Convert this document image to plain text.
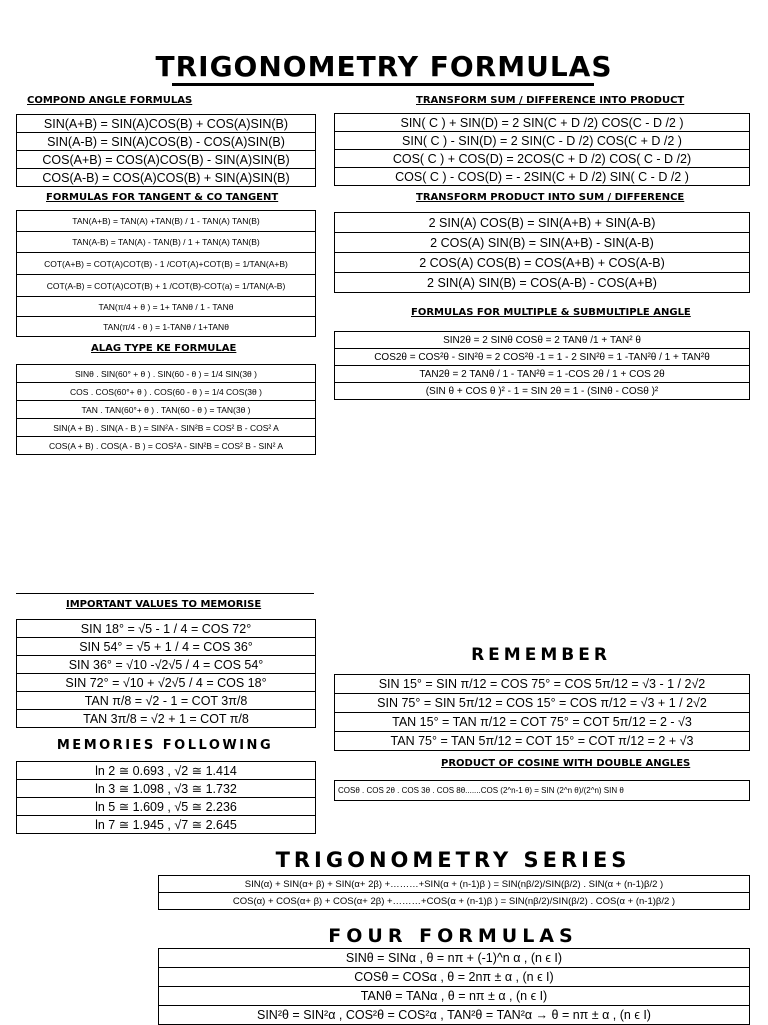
TRIGONOMETRY FORMULAS
COMPOND ANGLE FORMULAS
SIN(A+B) = SIN(A)COS(B) + COS(A)SIN(B)
SIN(A-B) = SIN(A)COS(B) - COS(A)SIN(B)
COS(A+B) = COS(A)COS(B) - SIN(A)SIN(B)
COS(A-B) = COS(A)COS(B) + SIN(A)SIN(B)
TRANSFORM SUM / DIFFERENCE INTO PRODUCT
SIN( C ) + SIN(D) = 2 SIN(C + D /2) COS(C - D /2 )
SIN( C ) - SIN(D) = 2 SIN(C - D /2) COS(C + D /2 )
COS( C ) + COS(D) = 2COS(C + D /2) COS( C - D /2)
COS( C ) - COS(D) = - 2SIN(C + D /2) SIN( C - D /2 )
FORMULAS FOR TANGENT & CO TANGENT
TAN(A+B) = TAN(A) +TAN(B) / 1 - TAN(A) TAN(B)
TAN(A-B) = TAN(A) - TAN(B) / 1 + TAN(A) TAN(B)
COT(A+B) = COT(A)COT(B) - 1 /COT(A)+COT(B) = 1/TAN(A+B)
COT(A-B) = COT(A)COT(B) + 1 /COT(B)-COT(a) = 1/TAN(A-B)
TAN(π/4 + θ ) = 1+ TANθ / 1 - TANθ
TAN(π/4 - θ ) = 1-TANθ / 1+TANθ
TRANSFORM PRODUCT INTO SUM / DIFFERENCE
2 SIN(A) COS(B) = SIN(A+B) + SIN(A-B)
2 COS(A) SIN(B) = SIN(A+B) - SIN(A-B)
2 COS(A) COS(B) = COS(A+B) + COS(A-B)
2 SIN(A) SIN(B) = COS(A-B) - COS(A+B)
FORMULAS FOR MULTIPLE & SUBMULTIPLE ANGLE
SIN2θ = 2 SINθ COSθ = 2 TANθ /1 + TAN² θ
COS2θ = COS²θ - SIN²θ = 2 COS²θ -1 = 1 - 2 SIN²θ = 1 -TAN²θ / 1 + TAN²θ
TAN2θ = 2 TANθ / 1 - TAN²θ = 1 -COS 2θ / 1 + COS 2θ
(SIN θ + COS θ )² - 1 = SIN 2θ = 1 - (SINθ - COSθ )²
ALAG TYPE KE FORMULAE
SINθ . SIN(60° + θ ) . SIN(60 - θ ) = 1/4 SIN(3θ )
COS . COS(60°+ θ ) . COS(60 - θ ) = 1/4 COS(3θ )
TAN . TAN(60°+ θ ) . TAN(60 - θ ) = TAN(3θ )
SIN(A + B) . SIN(A - B ) = SIN²A - SIN²B = COS² B - COS² A
COS(A + B) . COS(A - B ) = COS²A - SIN²B = COS² B - SIN² A
IMPORTANT VALUES TO MEMORISE
SIN 18° = √5 - 1 / 4 = COS 72°
SIN 54° = √5 + 1 / 4 = COS 36°
SIN 36° = √10 -√2√5 / 4 = COS 54°
SIN 72° = √10 + √2√5 / 4 = COS 18°
TAN π/8 = √2 - 1 = COT 3π/8
TAN 3π/8 = √2 + 1 = COT π/8
REMEMBER
SIN 15° = SIN π/12 = COS 75° = COS 5π/12 = √3 - 1 / 2√2
SIN 75° = SIN 5π/12 = COS 15° = COS π/12 = √3 + 1 / 2√2
TAN 15° = TAN π/12 = COT 75° = COT 5π/12 = 2 - √3
TAN 75° = TAN 5π/12 = COT 15° = COT π/12 = 2 + √3
MEMORIES FOLLOWING
ln 2 ≅ 0.693 , √2 ≅ 1.414
ln 3 ≅ 1.098 , √3 ≅ 1.732
ln 5 ≅ 1.609 , √5 ≅ 2.236
ln 7 ≅ 1.945 , √7 ≅ 2.645
PRODUCT OF COSINE WITH DOUBLE ANGLES
COSθ . COS 2θ . COS 3θ . COS 8θ.......COS (2^n-1 θ) = SIN (2^n θ)/(2^n) SIN θ
TRIGONOMETRY SERIES
SIN(α) + SIN(α+ β) + SIN(α+ 2β) +………+SIN(α + (n-1)β ) = SIN(nβ/2)/SIN(β/2) . SIN(α + (n-1)β/2 )
COS(α) + COS(α+ β) + COS(α+ 2β) +………+COS(α + (n-1)β ) = SIN(nβ/2)/SIN(β/2) . COS(α + (n-1)β/2 )
FOUR FORMULAS
SINθ = SINα , θ = nπ + (-1)^n α , (n ϵ I)
COSθ = COSα , θ = 2nπ ± α , (n ϵ I)
TANθ = TANα , θ = nπ ± α , (n ϵ I)
SIN²θ = SIN²α , COS²θ = COS²α , TAN²θ = TAN²α → θ = nπ ± α , (n ϵ I)
